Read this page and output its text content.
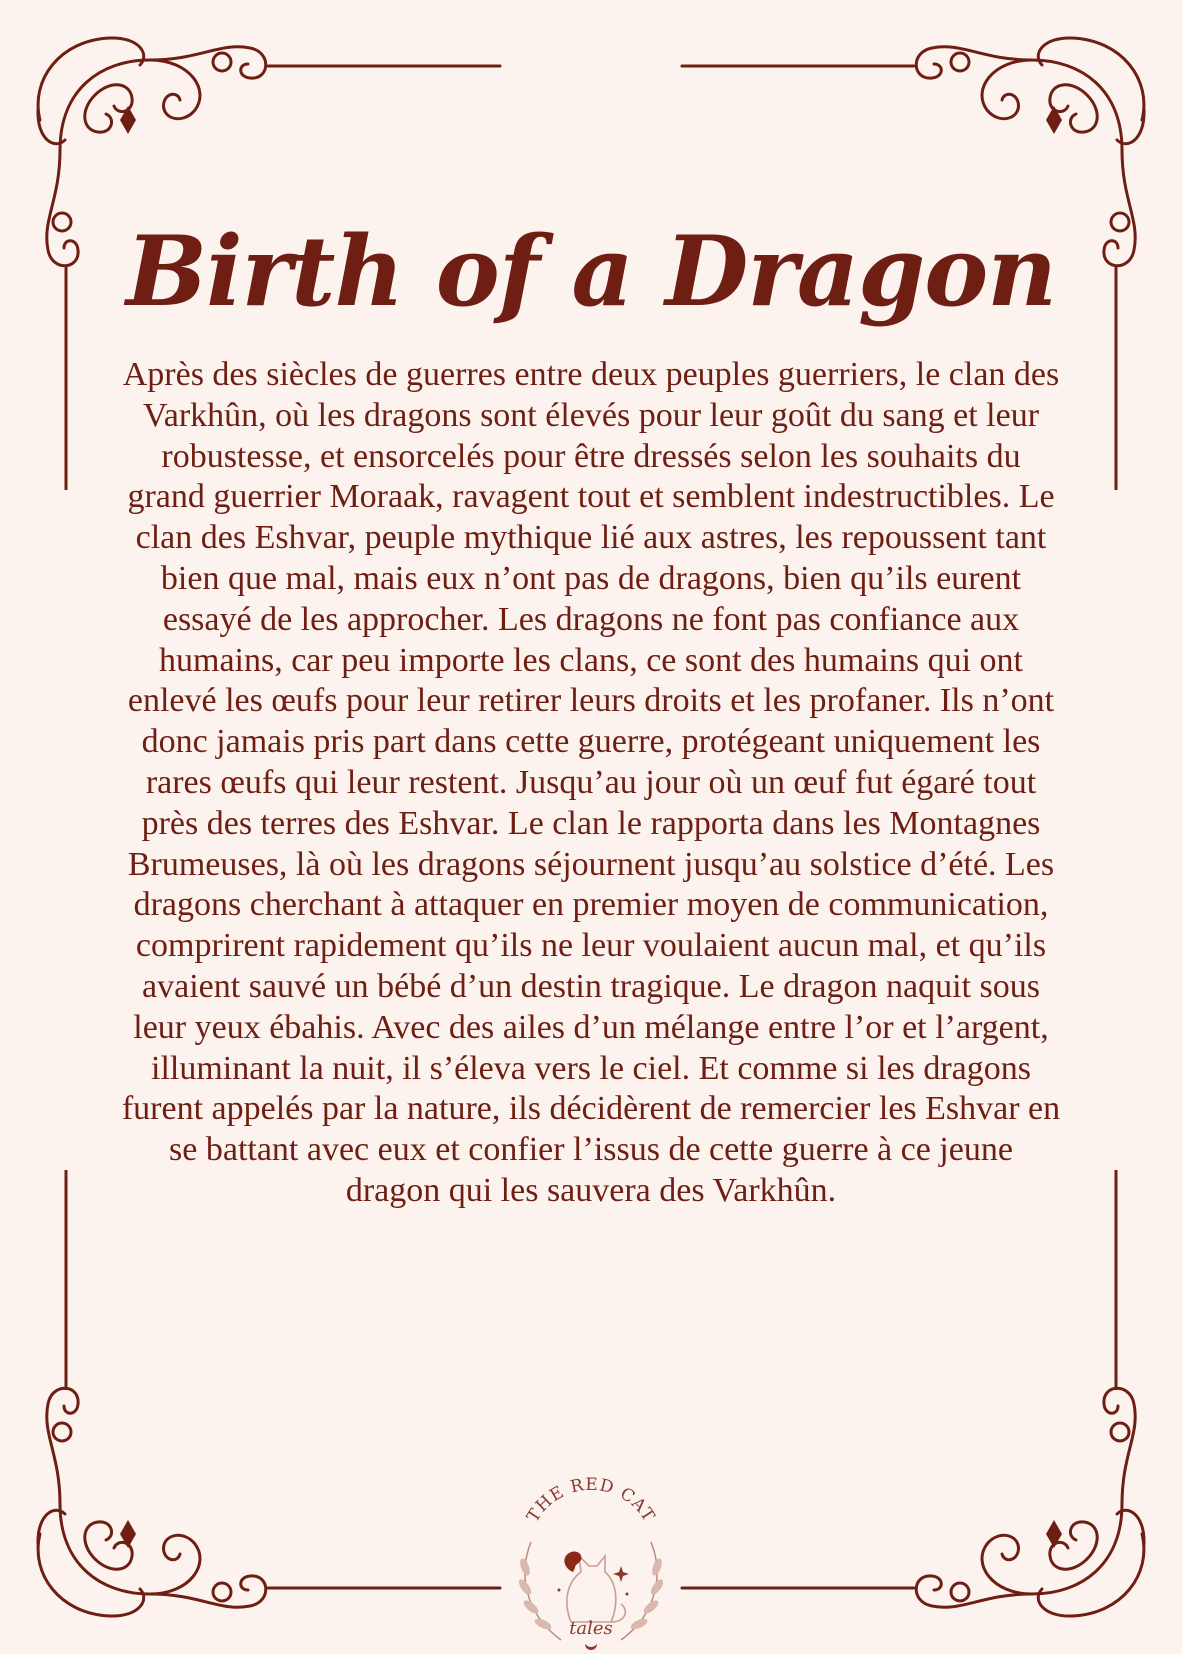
Birth of a Dragon

Après des siècles de guerres entre deux peuples guerriers, le clan des Varkhûn, où les dragons sont élevés pour leur goût du sang et leur robustesse, et ensorcelés pour être dressés selon les souhaits du grand guerrier Moraak, ravagent tout et semblent indestructibles. Le clan des Eshvar, peuple mythique lié aux astres, les repoussent tant bien que mal, mais eux n’ont pas de dragons, bien qu’ils eurent essayé de les approcher. Les dragons ne font pas confiance aux humains, car peu importe les clans, ce sont des humains qui ont enlevé les œufs pour leur retirer leurs droits et les profaner. Ils n’ont donc jamais pris part dans cette guerre, protégeant uniquement les rares œufs qui leur restent. Jusqu’au jour où un œuf fut égaré tout près des terres des Eshvar. Le clan le rapporta dans les Montagnes Brumeuses, là où les dragons séjournent jusqu’au solstice d’été. Les dragons cherchant à attaquer en premier moyen de communication, comprirent rapidement qu’ils ne leur voulaient aucun mal, et qu’ils avaient sauvé un bébé d’un destin tragique. Le dragon naquit sous leur yeux ébahis. Avec des ailes d’un mélange entre l’or et l’argent, illuminant la nuit, il s’éleva vers le ciel. Et comme si les dragons furent appelés par la nature, ils décidèrent de remercier les Eshvar en se battant avec eux et confier l’issus de cette guerre à ce jeune dragon qui les sauvera des Varkhûn.

THE RED CAT
tales
